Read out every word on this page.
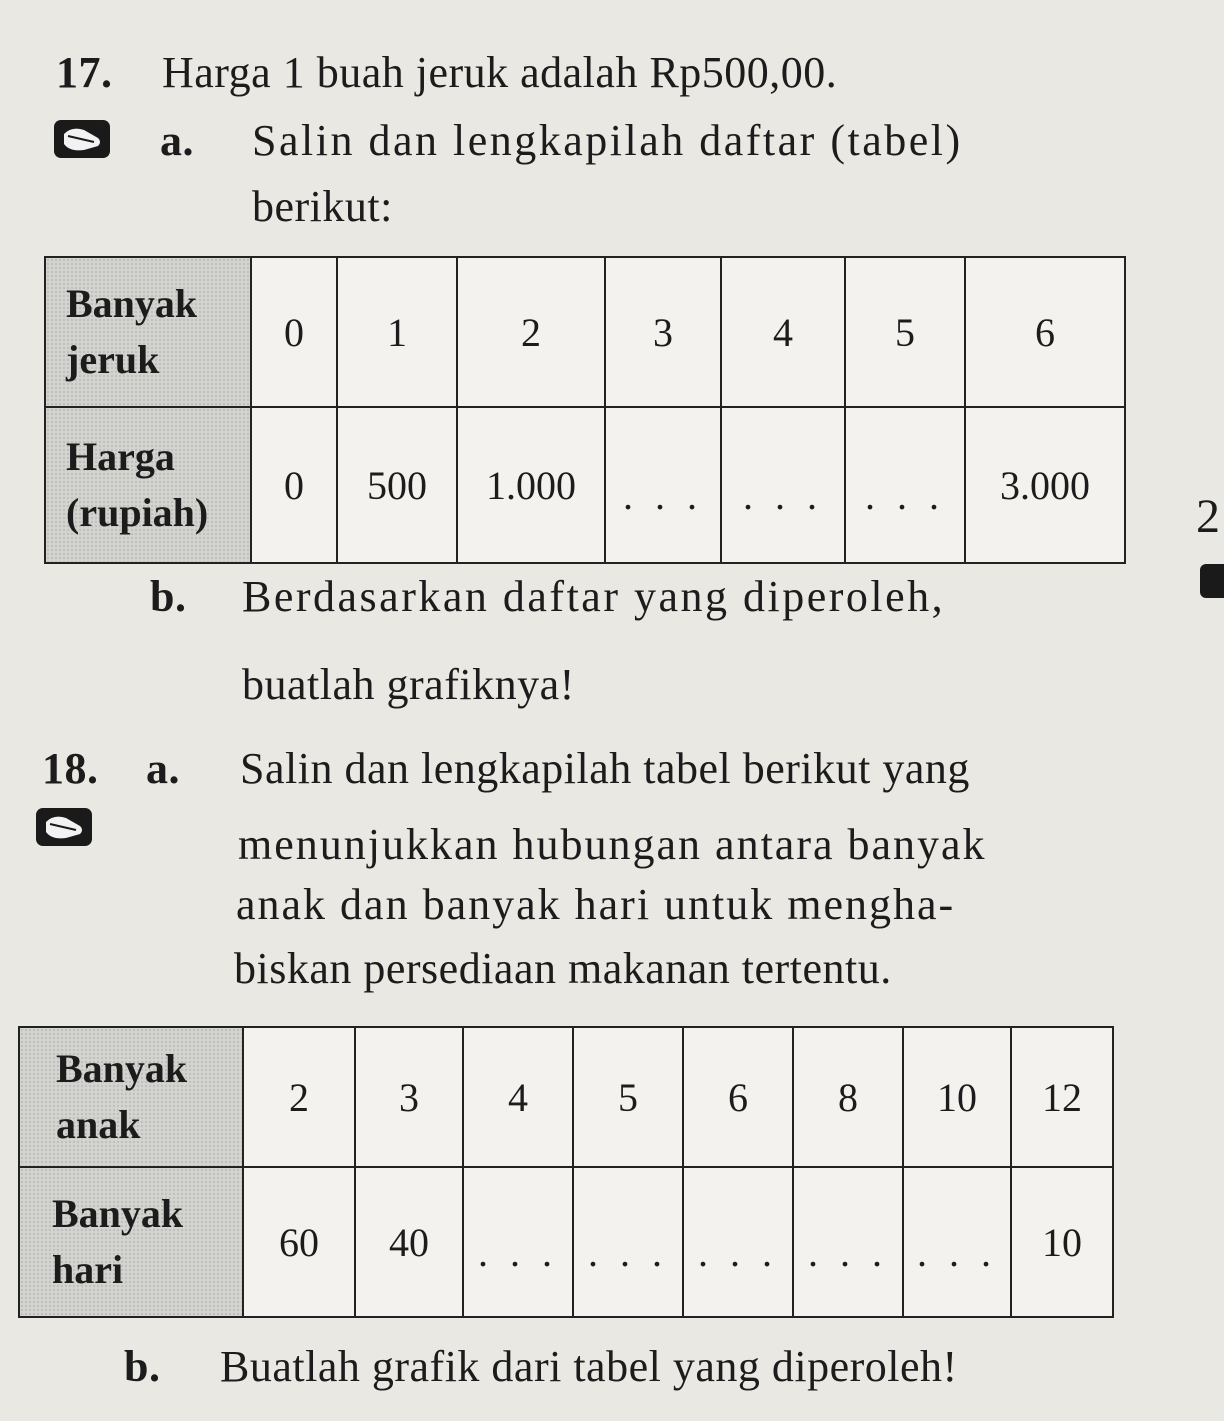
17. Harga 1 buah jeruk adalah Rp500,00.
a. Salin dan lengkapilah daftar (tabel)
berikut:
Banyak
jeruk	0	1	2	3	4	5	6

Harga
(rupiah)	0	500	1.000	. . .	. . .	. . .	3.000
2
b. Berdasarkan daftar yang diperoleh,
buatlah grafiknya!
18. a. Salin dan lengkapilah tabel berikut yang
menunjukkan hubungan antara banyak
anak dan banyak hari untuk mengha-
biskan persediaan makanan tertentu.
Banyak
anak	2	3	4	5	6	8	10	12

Banyak
hari	60	40	. . .	. . .	. . .	. . .	. . .	10
b. Buatlah grafik dari tabel yang diperoleh!
